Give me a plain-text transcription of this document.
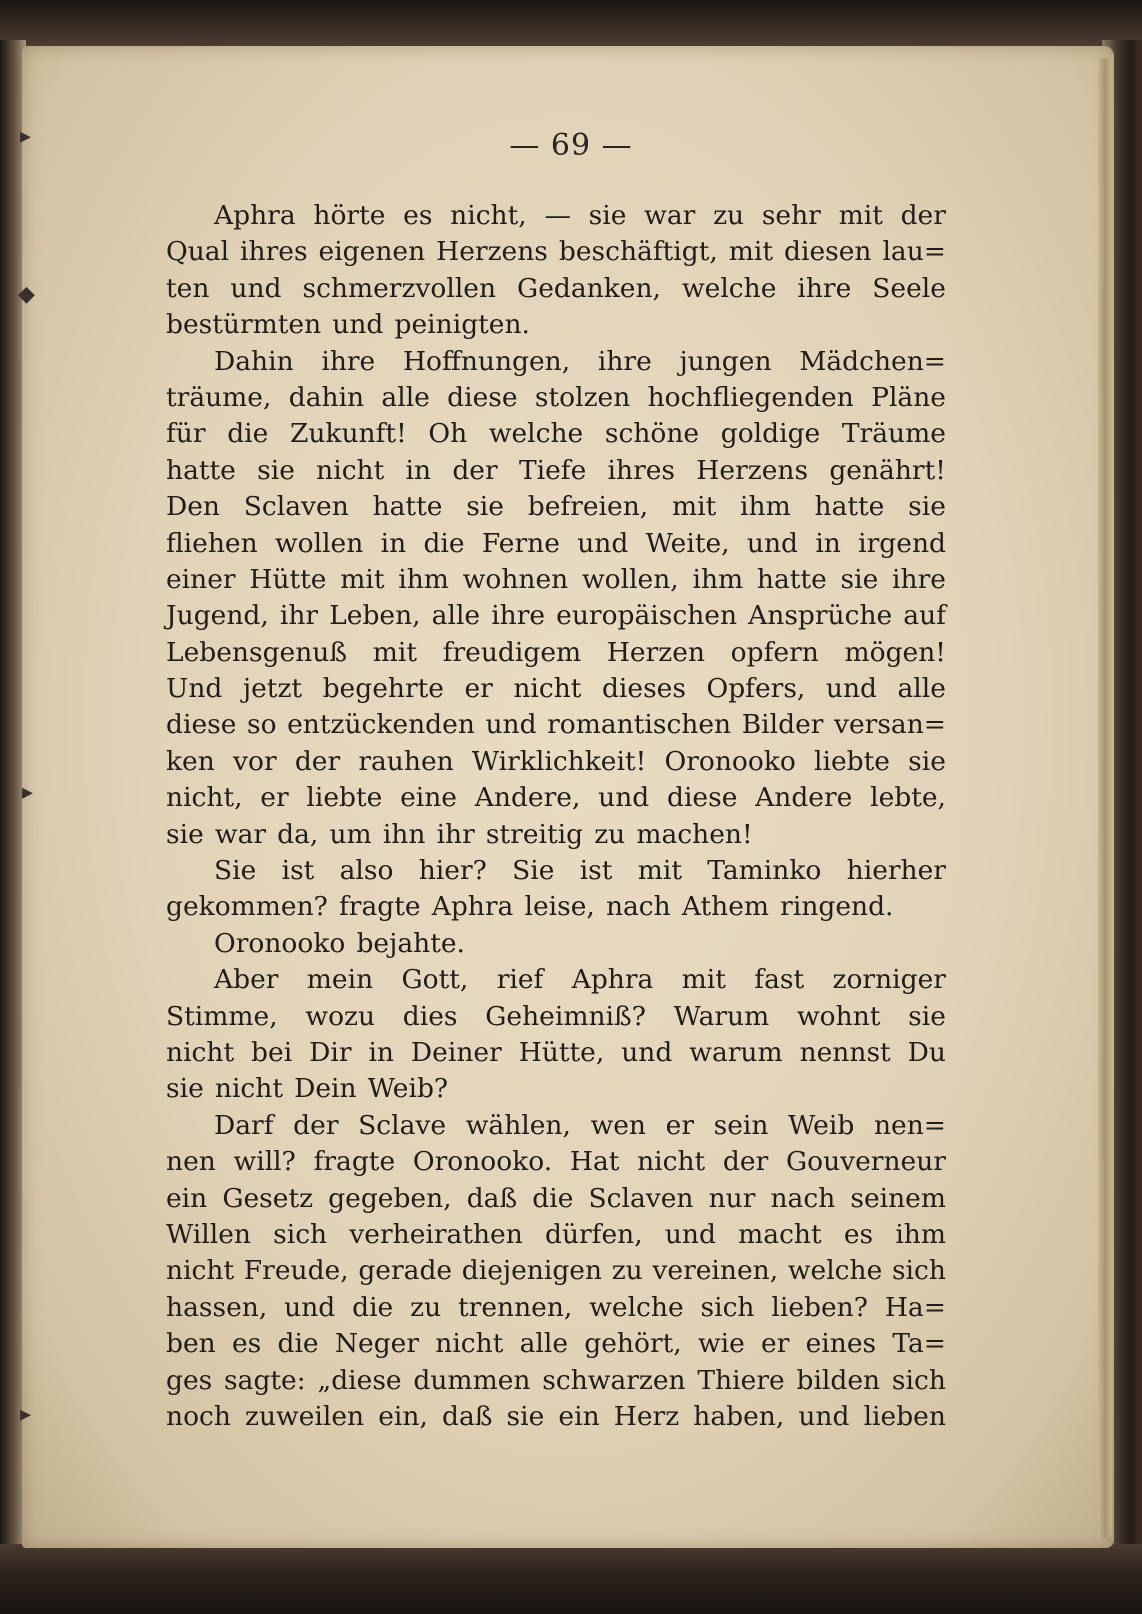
▸
◆
▸
▸
— 69 —
Aphra hörte es nicht, — sie war zu sehr mit der
Qual ihres eigenen Herzens beschäftigt, mit diesen lau=
ten und schmerzvollen Gedanken, welche ihre Seele
bestürmten und peinigten.
Dahin ihre Hoffnungen, ihre jungen Mädchen=
träume, dahin alle diese stolzen hochfliegenden Pläne
für die Zukunft! Oh welche schöne goldige Träume
hatte sie nicht in der Tiefe ihres Herzens genährt!
Den Sclaven hatte sie befreien, mit ihm hatte sie
fliehen wollen in die Ferne und Weite, und in irgend
einer Hütte mit ihm wohnen wollen, ihm hatte sie ihre
Jugend, ihr Leben, alle ihre europäischen Ansprüche auf
Lebensgenuß mit freudigem Herzen opfern mögen!
Und jetzt begehrte er nicht dieses Opfers, und alle
diese so entzückenden und romantischen Bilder versan=
ken vor der rauhen Wirklichkeit! Oronooko liebte sie
nicht, er liebte eine Andere, und diese Andere lebte,
sie war da, um ihn ihr streitig zu machen!
Sie ist also hier? Sie ist mit Taminko hierher
gekommen? fragte Aphra leise, nach Athem ringend.
Oronooko bejahte.
Aber mein Gott, rief Aphra mit fast zorniger
Stimme, wozu dies Geheimniß? Warum wohnt sie
nicht bei Dir in Deiner Hütte, und warum nennst Du
sie nicht Dein Weib?
Darf der Sclave wählen, wen er sein Weib nen=
nen will? fragte Oronooko. Hat nicht der Gouverneur
ein Gesetz gegeben, daß die Sclaven nur nach seinem
Willen sich verheirathen dürfen, und macht es ihm
nicht Freude, gerade diejenigen zu vereinen, welche sich
hassen, und die zu trennen, welche sich lieben? Ha=
ben es die Neger nicht alle gehört, wie er eines Ta=
ges sagte: „diese dummen schwarzen Thiere bilden sich
noch zuweilen ein, daß sie ein Herz haben, und lieben
